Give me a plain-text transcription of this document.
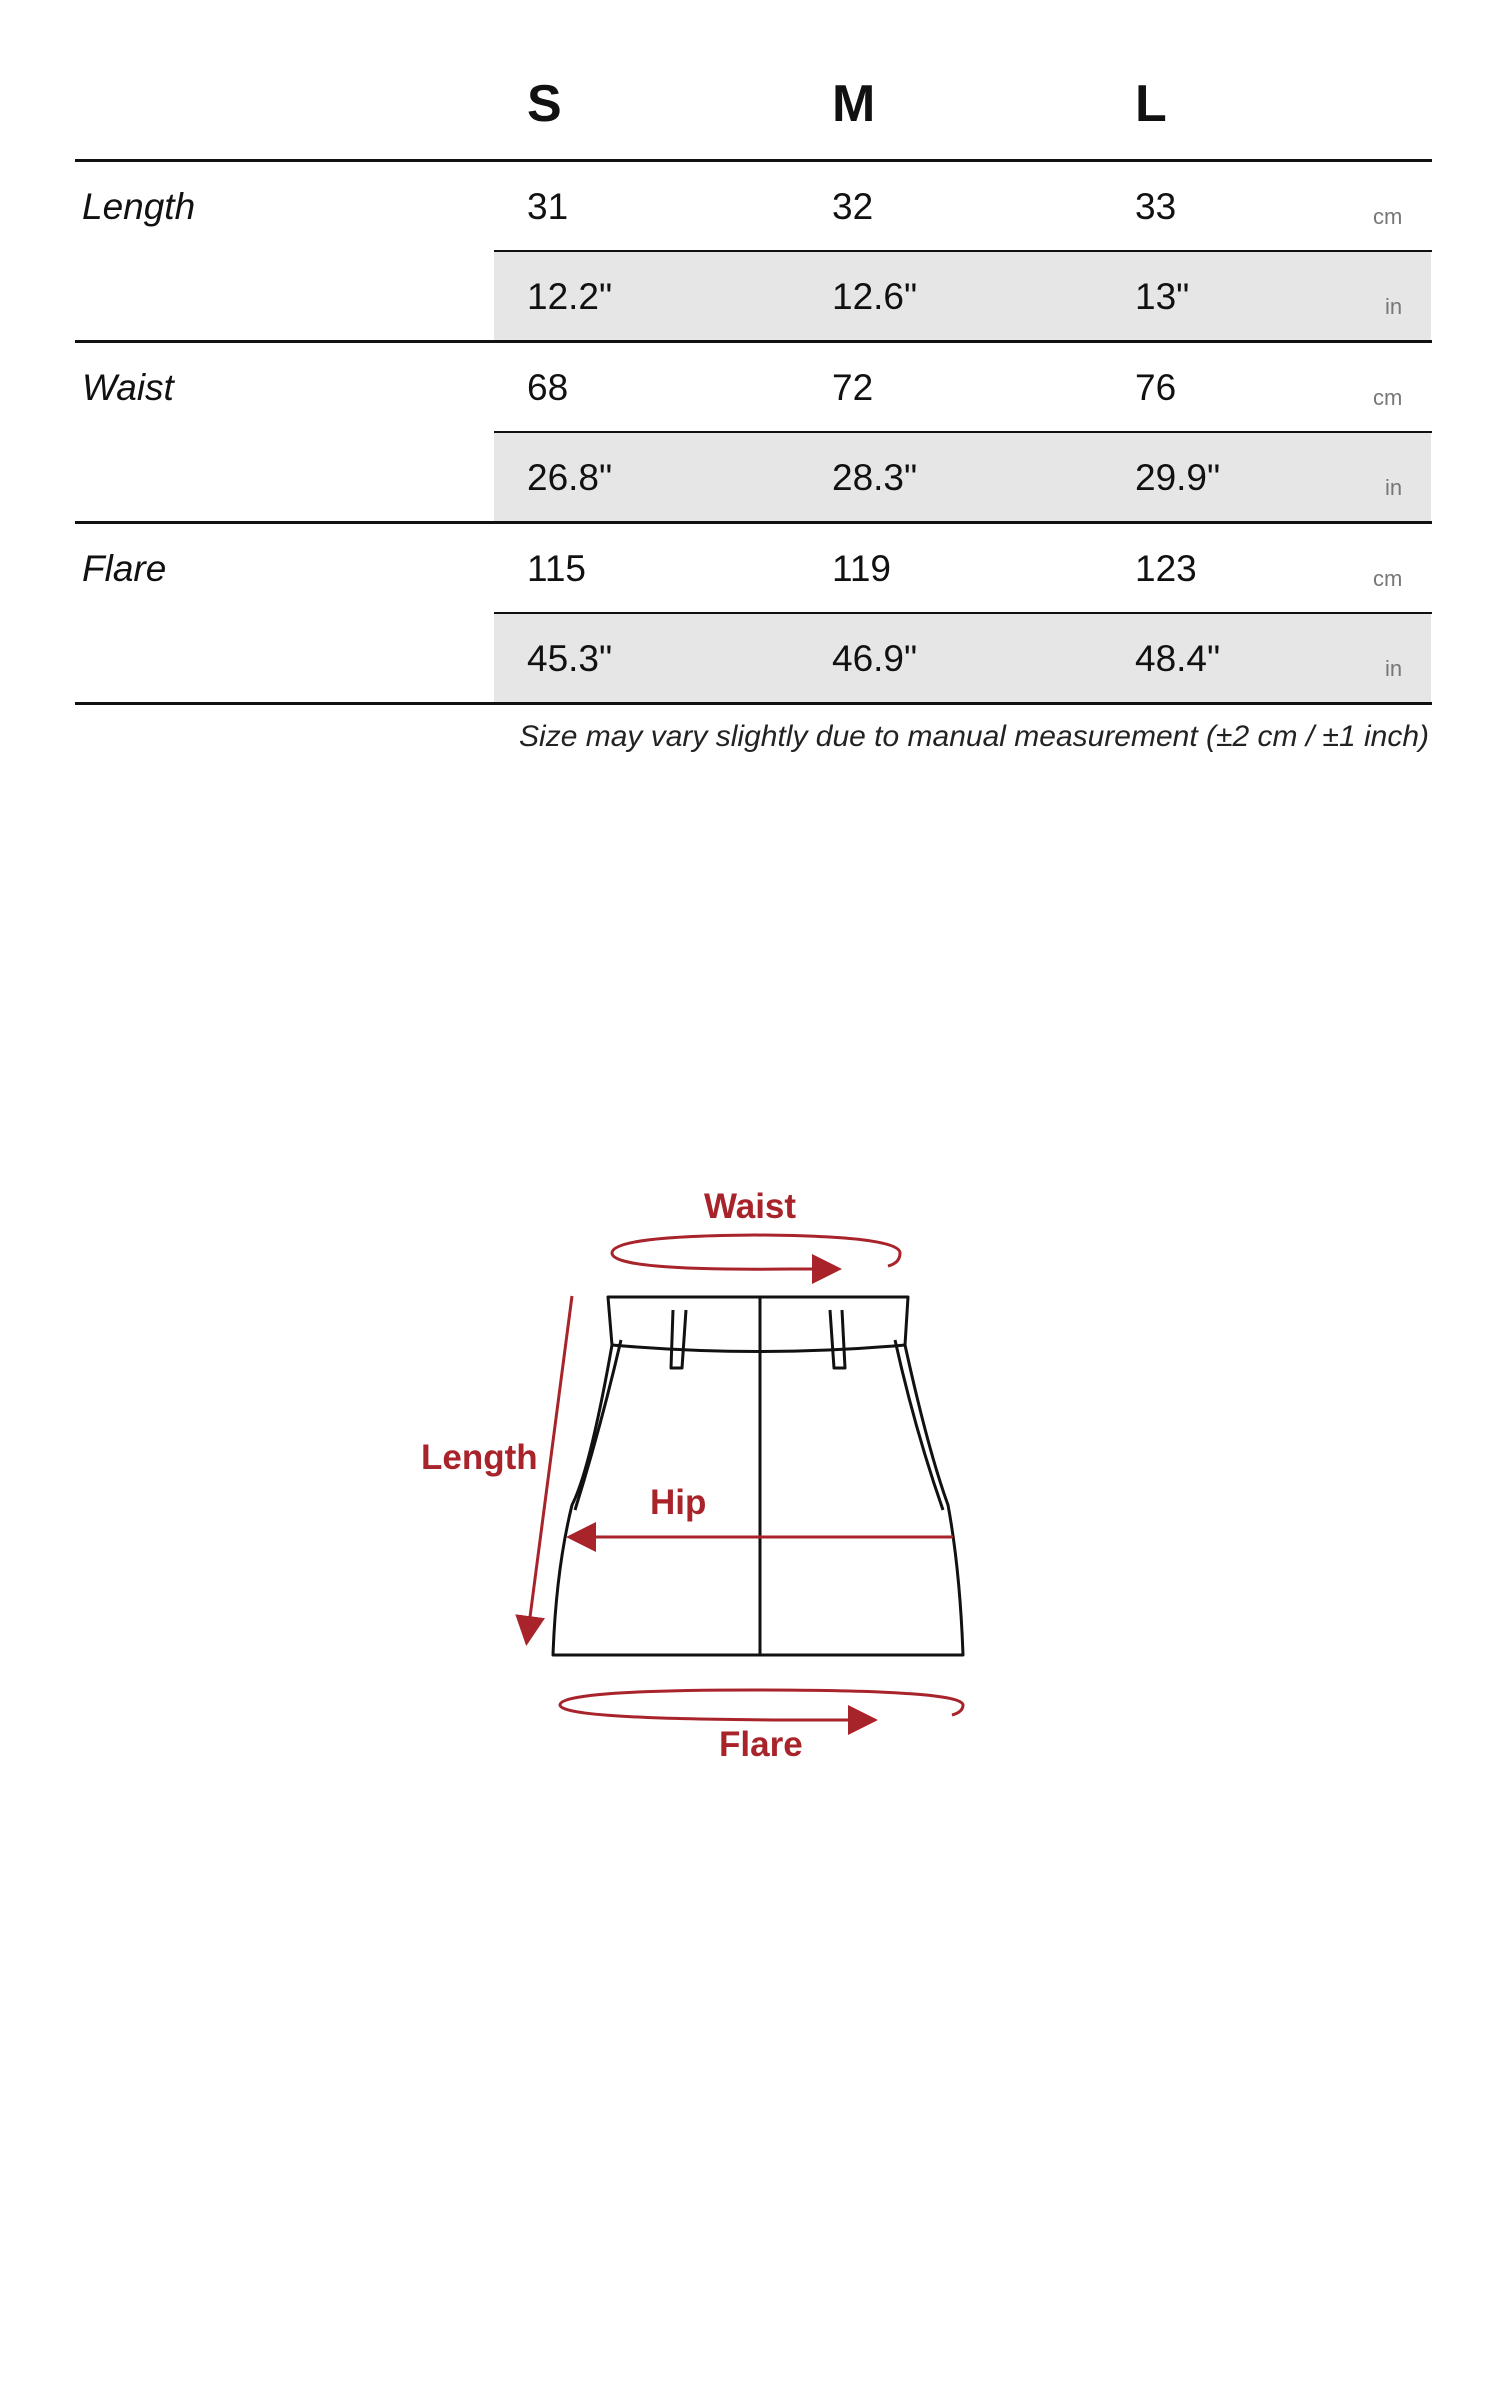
S	M	L
Length	31	32	33	cm
12.2"	12.6"	13"	in
Waist	68	72	76	cm
26.8"	28.3"	29.9"	in
Flare	115	119	123	cm
45.3"	46.9"	48.4"	in
Size may vary slightly due to manual measurement (±2 cm / ±1 inch)
Waist
Length
Hip
Flare
